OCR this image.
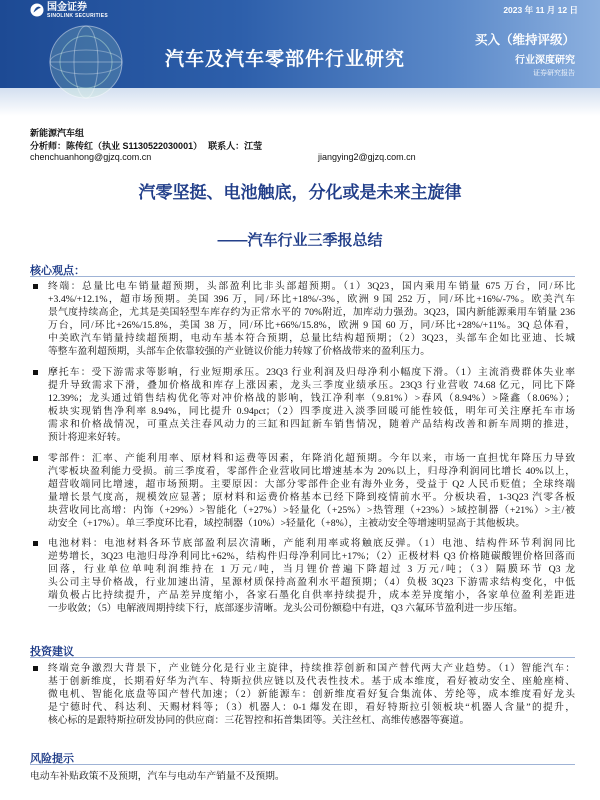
国金证券
SINOLINK SECURITIES
2023 年 11 月 12 日
汽车及汽车零部件行业研究
买入（维持评级）
行业深度研究
证券研究报告
新能源汽车组
分析师：陈传红（执业 S1130522030001） 联系人：江莹
chenchuanhong@gjzq.com.cn	jiangying2@gjzq.com.cn
汽零坚挺、电池触底，分化或是未来主旋律
——汽车行业三季报总结
核心观点：
终端：总量比电车销量超预期，头部盈利比非头部超预期。（1）3Q23，国内乘用车销量 675 万台，同/环比
+3.4%/+12.1%，超市场预期。美国 396 万，同/环比+18%/-3%，欧洲 9 国 252 万，同/环比+16%/-7%。欧美汽车
景气度持续高企，尤其是美国轻型车库存约为正常水平的 70%附近，加库动力强劲。3Q23，国内新能源乘用车销量 236
万台，同/环比+26%/15.8%，美国 38 万，同/环比+66%/15.8%，欧洲 9 国 60 万，同/环比+28%/+11%。3Q 总体看，
中美欧汽车销量持续超预期，电动车基本符合预期，总量比结构超预期；（2）3Q23，头部车企如比亚迪、长城
等整车盈利超预期，头部车企依靠较强的产业链议价能力转嫁了价格战带来的盈利压力。
摩托车：受下游需求等影响，行业短期承压。23Q3 行业利润及归母净利小幅度下滑。（1）主流消费群体失业率
提升导致需求下滑，叠加价格战和库存上涨因素，龙头三季度业绩承压。23Q3 行业营收 74.68 亿元，同比下降
12.39%；龙头通过销售结构优化等对冲价格战的影响，钱江净利率（9.81%）>春风（8.94%）>隆鑫（8.06%）；
板块实现销售净利率 8.94%，同比提升 0.94pct；（2）四季度进入淡季回暖可能性较低，明年可关注摩托车市场
需求和价格战情况，可重点关注春风动力的三缸和四缸新车销售情况，随着产品结构改善和新车周期的推进，
预计将迎来好转。
零部件：汇率、产能利用率、原材料和运费等因素，年降消化超预期。今年以来，市场一直担忧年降压力导致
汽零板块盈利能力受损。前三季度看，零部件企业营收同比增速基本为 20%以上，归母净利润同比增长 40%以上，
超营收端同比增速，超市场预期。主要原因：大部分零部件企业有海外业务，受益于 Q2 人民币贬值；全球终端
量增长景气度高，规模效应显著；原材料和运费价格基本已经下降到疫情前水平。分板块看，1-3Q23 汽零各板
块营收同比高增：内饰（+29%）>智能化（+27%）>轻量化（+25%）>热管理（+23%）>域控制器（+21%）>主/被
动安全（+17%）。单三季度环比看，域控制器（10%）>轻量化（+8%），主被动安全等增速明显高于其他板块。
电池材料：电池材料各环节底部盈利层次清晰，产能利用率或将触底反弹。（1）电池、结构件环节利润同比
逆势增长，3Q23 电池归母净利同比+62%，结构件归母净利同比+17%；（2）正极材料 Q3 价格随碳酸锂价格回落而
回落，行业单位单吨利润维持在 1 万元/吨，当月锂价普遍下降超过 3 万元/吨；（3）隔膜环节 Q3 龙
头公司主导价格战，行业加速出清，星源材质保持高盈利水平超预期；（4）负极 3Q23 下游需求结构变化，中低
端负极占比持续提升，产品差异度缩小，各家石墨化自供率持续提升，成本差异度缩小，各家单位盈利差距进
一步收敛；（5）电解液周期持续下行，底部逐步清晰。龙头公司份额稳中有进，Q3 六氟环节盈利进一步压缩。
投资建议
终端竞争激烈大背景下，产业链分化是行业主旋律，持续推荐创新和国产替代两大产业趋势。（1）智能汽车：
基于创新维度，长期看好华为汽车、特斯拉供应链以及代表性技术。基于成本维度，看好被动安全、座舱座椅、
微电机、智能化底盘等国产替代加速；（2）新能源车：创新维度看好复合集流体、芳纶等，成本维度看好龙头
是宁德时代、科达利、天赐材料等；（3）机器人：0-1 爆发在即，看好特斯拉引领板块“机器人含量”的提升，
核心标的是跟特斯拉研发协同的供应商：三花智控和拓普集团等。关注丝杠、高维传感器等赛道。
风险提示
电动车补贴政策不及预期，汽车与电动车产销量不及预期。
